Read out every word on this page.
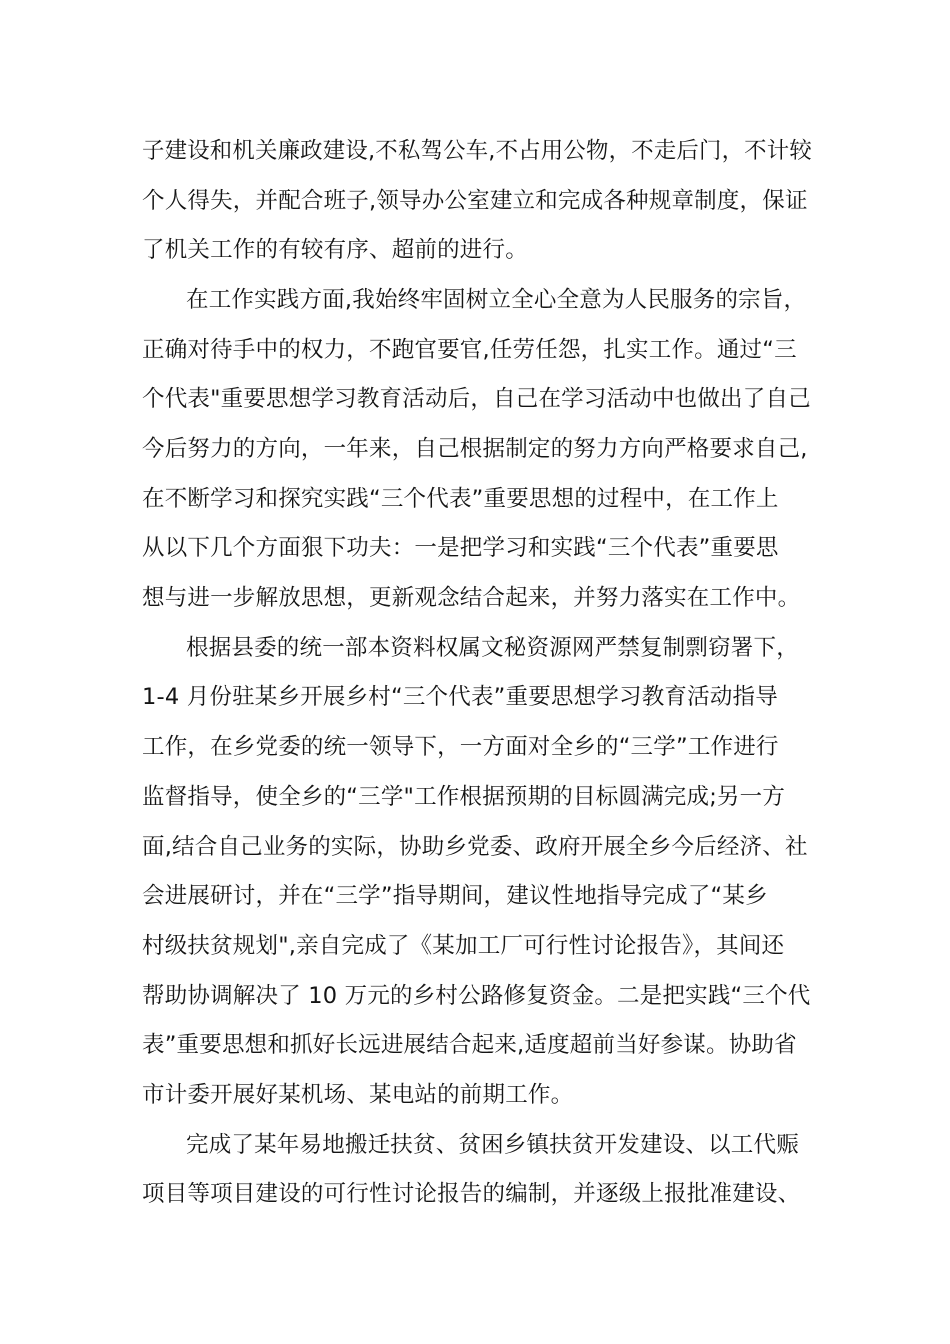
子建设和机关廉政建设,不私驾公车,不占用公物，不走后门，不计较
个人得失，并配合班子,领导办公室建立和完成各种规章制度，保证
了机关工作的有较有序、超前的进行。
在工作实践方面,我始终牢固树立全心全意为人民服务的宗旨，
正确对待手中的权力，不跑官要官,任劳任怨，扎实工作。通过“三
个代表"重要思想学习教育活动后，自己在学习活动中也做出了自己
今后努力的方向，一年来，自己根据制定的努力方向严格要求自己,
在不断学习和探究实践“三个代表”重要思想的过程中，在工作上
从以下几个方面狠下功夫：一是把学习和实践“三个代表”重要思
想与进一步解放思想，更新观念结合起来，并努力落实在工作中。
根据县委的统一部本资料权属文秘资源网严禁复制剽窃署下，
1-4 月份驻某乡开展乡村“三个代表”重要思想学习教育活动指导
工作，在乡党委的统一领导下，一方面对全乡的“三学”工作进行
监督指导，使全乡的“三学"工作根据预期的目标圆满完成;另一方
面,结合自己业务的实际，协助乡党委、政府开展全乡今后经济、社
会进展研讨，并在“三学”指导期间，建议性地指导完成了“某乡
村级扶贫规划",亲自完成了《某加工厂可行性讨论报告》，其间还
帮助协调解决了 10 万元的乡村公路修复资金。二是把实践“三个代
表”重要思想和抓好长远进展结合起来,适度超前当好参谋。协助省
市计委开展好某机场、某电站的前期工作。
完成了某年易地搬迁扶贫、贫困乡镇扶贫开发建设、以工代赈
项目等项目建设的可行性讨论报告的编制，并逐级上报批准建设、
